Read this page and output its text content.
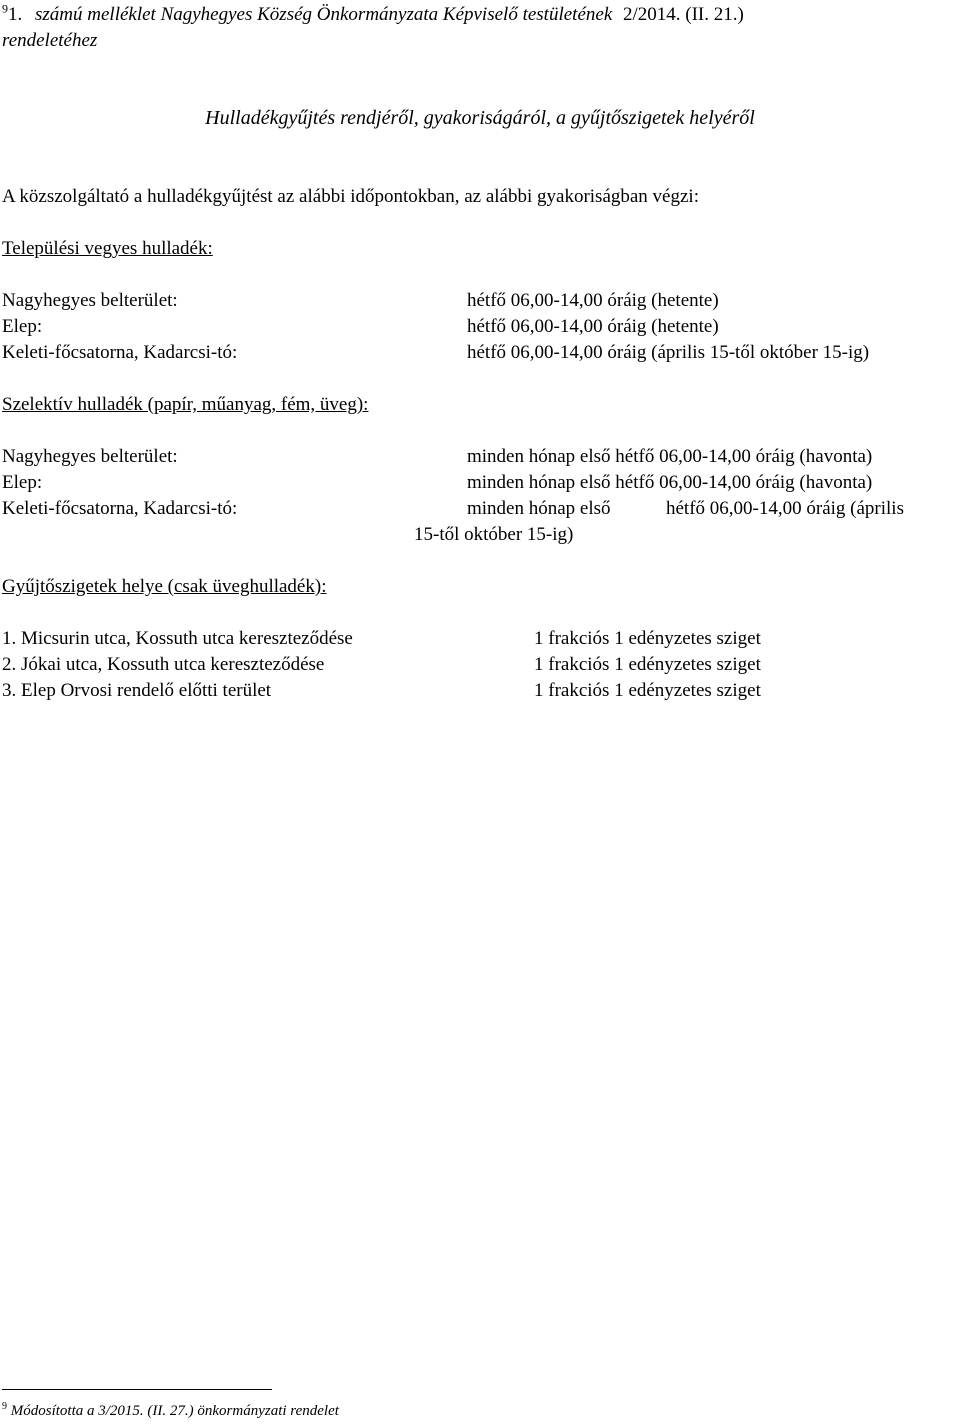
$^9$1. számú melléklet Nagyhegyes Község Önkormányzata Képviselő testületének 2/2014. (II. 21.)
rendeletéhez
Hulladékgyűjtés rendjéről, gyakoriságáról, a gyűjtőszigetek helyéről
A közszolgáltató a hulladékgyűjtést az alábbi időpontokban, az alábbi gyakoriságban végzi:
Települési vegyes hulladék:
Nagyhegyes belterület:	hétfő 06,00-14,00 óráig (hetente)
Elep:	hétfő 06,00-14,00 óráig (hetente)
Keleti-főcsatorna, Kadarcsi-tó:	hétfő 06,00-14,00 óráig (április 15-től október 15-ig)
Szelektív hulladék (papír, műanyag, fém, üveg):
Nagyhegyes belterület:	minden hónap első hétfő 06,00-14,00 óráig (havonta)
Elep:	minden hónap első hétfő 06,00-14,00 óráig (havonta)
Keleti-főcsatorna, Kadarcsi-tó:	minden hónap első	hétfő 06,00-14,00 óráig (április
15-től október 15-ig)
Gyűjtőszigetek helye (csak üveghulladék):
1. Micsurin utca, Kossuth utca kereszteződése	1 frakciós 1 edényzetes sziget
2. Jókai utca, Kossuth utca kereszteződése	1 frakciós 1 edényzetes sziget
3. Elep Orvosi rendelő előtti terület	1 frakciós 1 edényzetes sziget
$^9$ Módosította a 3/2015. (II. 27.) önkormányzati rendelet
